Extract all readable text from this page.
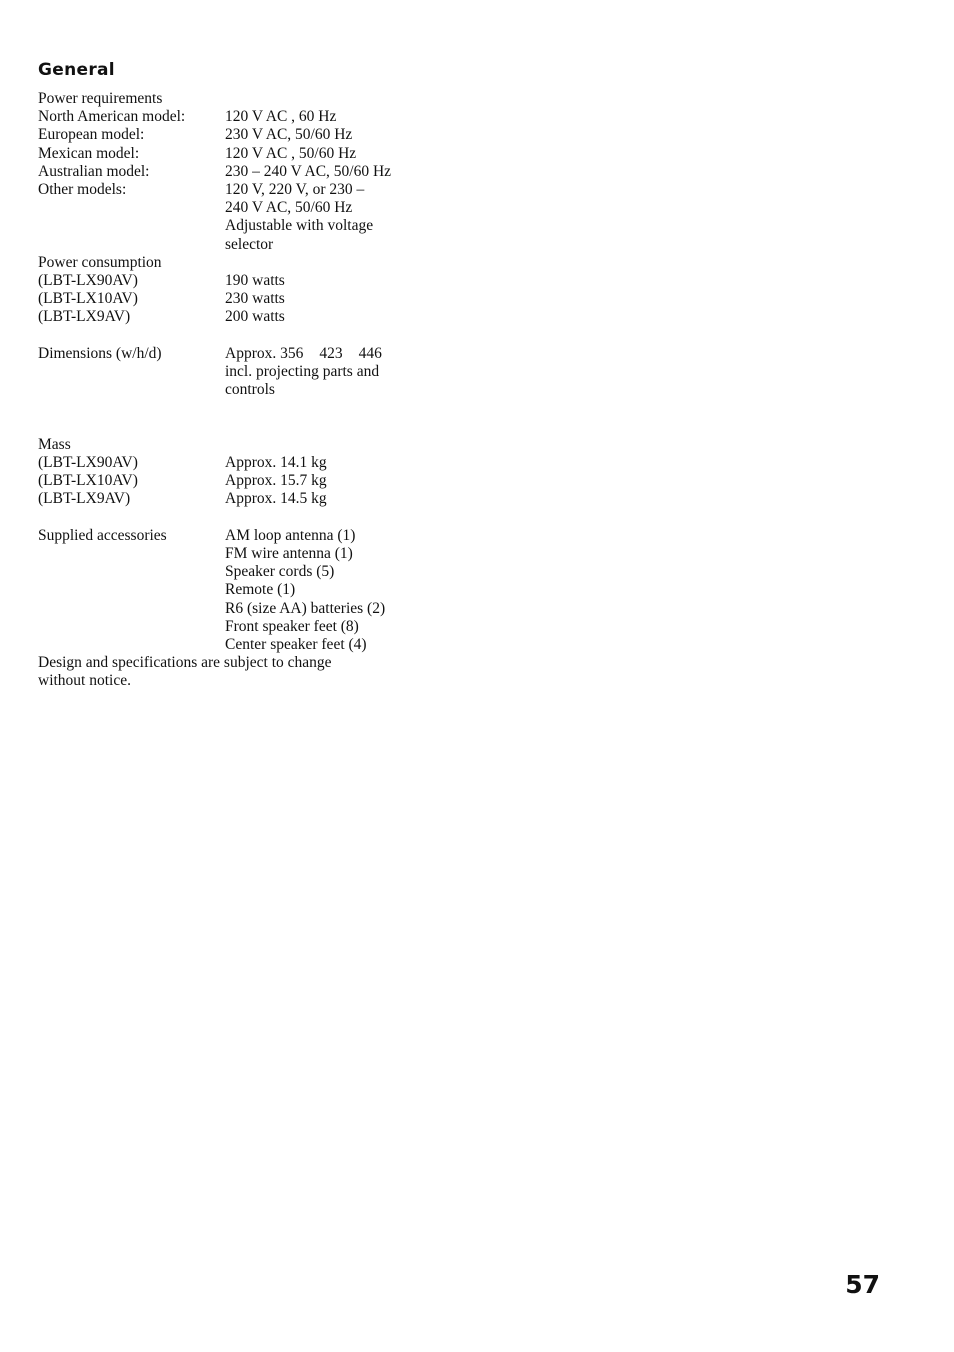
General
Power requirements
North American model:	120 V AC , 60 Hz
European model:	230 V AC, 50/60 Hz
Mexican model:	120 V AC , 50/60 Hz
Australian model:	230 – 240 V AC, 50/60 Hz
Other models:	120 V, 220 V, or 230 –
240 V AC, 50/60 Hz
Adjustable with voltage
selector
Power consumption
(LBT-LX90AV)	190 watts
(LBT-LX10AV)	230 watts
(LBT-LX9AV)	200 watts
Dimensions (w/h/d)	Approx. 356 423 446
incl. projecting parts and
controls
Mass
(LBT-LX90AV)	Approx. 14.1 kg
(LBT-LX10AV)	Approx. 15.7 kg
(LBT-LX9AV)	Approx. 14.5 kg
Supplied accessories	AM loop antenna (1)
FM wire antenna (1)
Speaker cords (5)
Remote (1)
R6 (size AA) batteries (2)
Front speaker feet (8)
Center speaker feet (4)
Design and specifications are subject to change
without notice.
57
